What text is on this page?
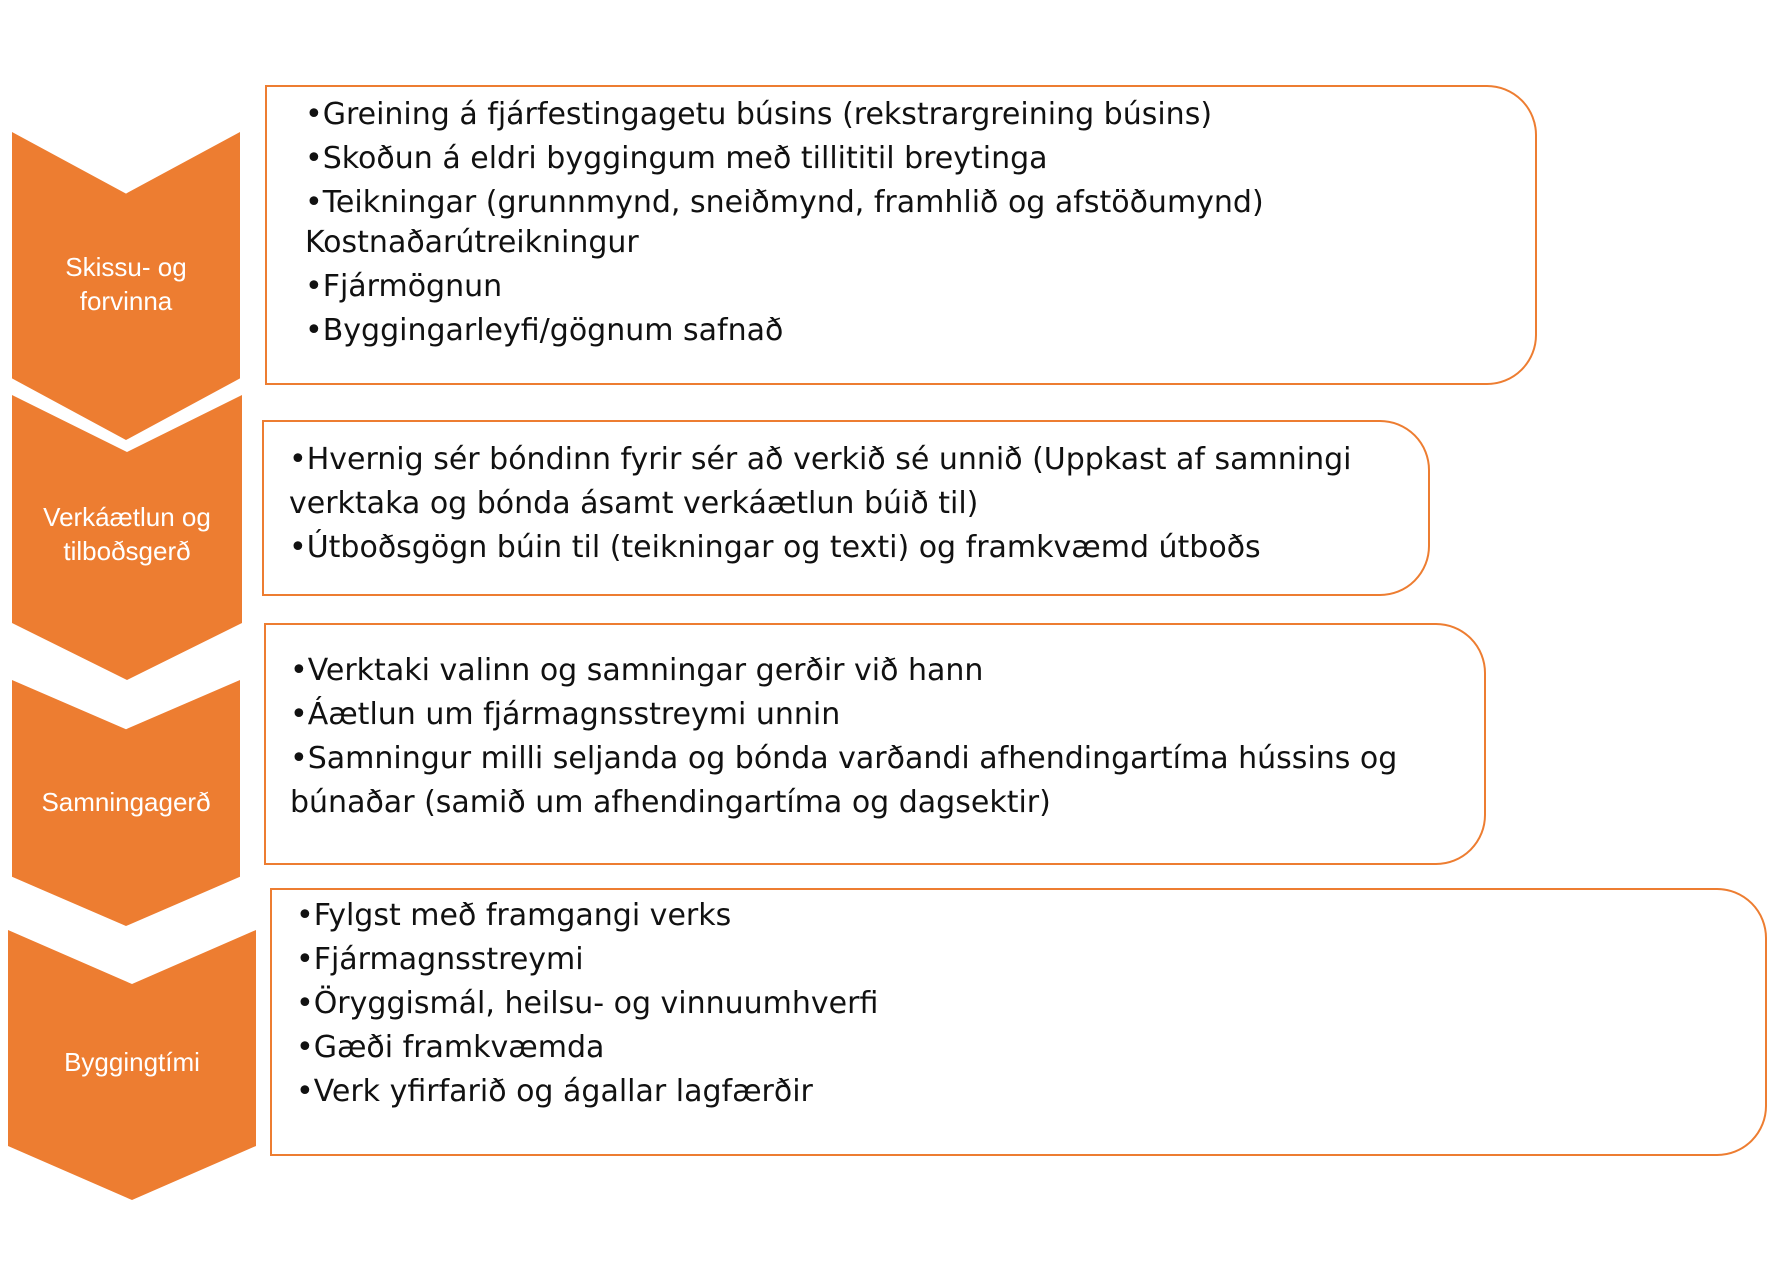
Skissu- og forvinna
•Greining á fjárfestingagetu búsins (rekstrargreining búsins)
•Skoðun á eldri byggingum með tillititil breytinga
•Teikningar (grunnmynd, sneiðmynd, framhlið og afstöðumynd)
Kostnaðarútreikningur
•Fjármögnun
•Byggingarleyfi/gögnum safnað
Verkáætlun og tilboðsgerð
•Hvernig sér bóndinn fyrir sér að verkið sé unnið (Uppkast af samningi verktaka og bónda ásamt verkáætlun búið til)
•Útboðsgögn búin til (teikningar og texti) og framkvæmd útboðs
Samningagerð
•Verktaki valinn og samningar gerðir við hann
•Áætlun um fjármagnsstreymi unnin
•Samningur milli seljanda og bónda varðandi afhendingartíma hússins og búnaðar (samið um afhendingartíma og dagsektir)
Byggingtími
•Fylgst með framgangi verks
•Fjármagnsstreymi
•Öryggismál, heilsu- og vinnuumhverfi
•Gæði framkvæmda
•Verk yfirfarið og ágallar lagfærðir
